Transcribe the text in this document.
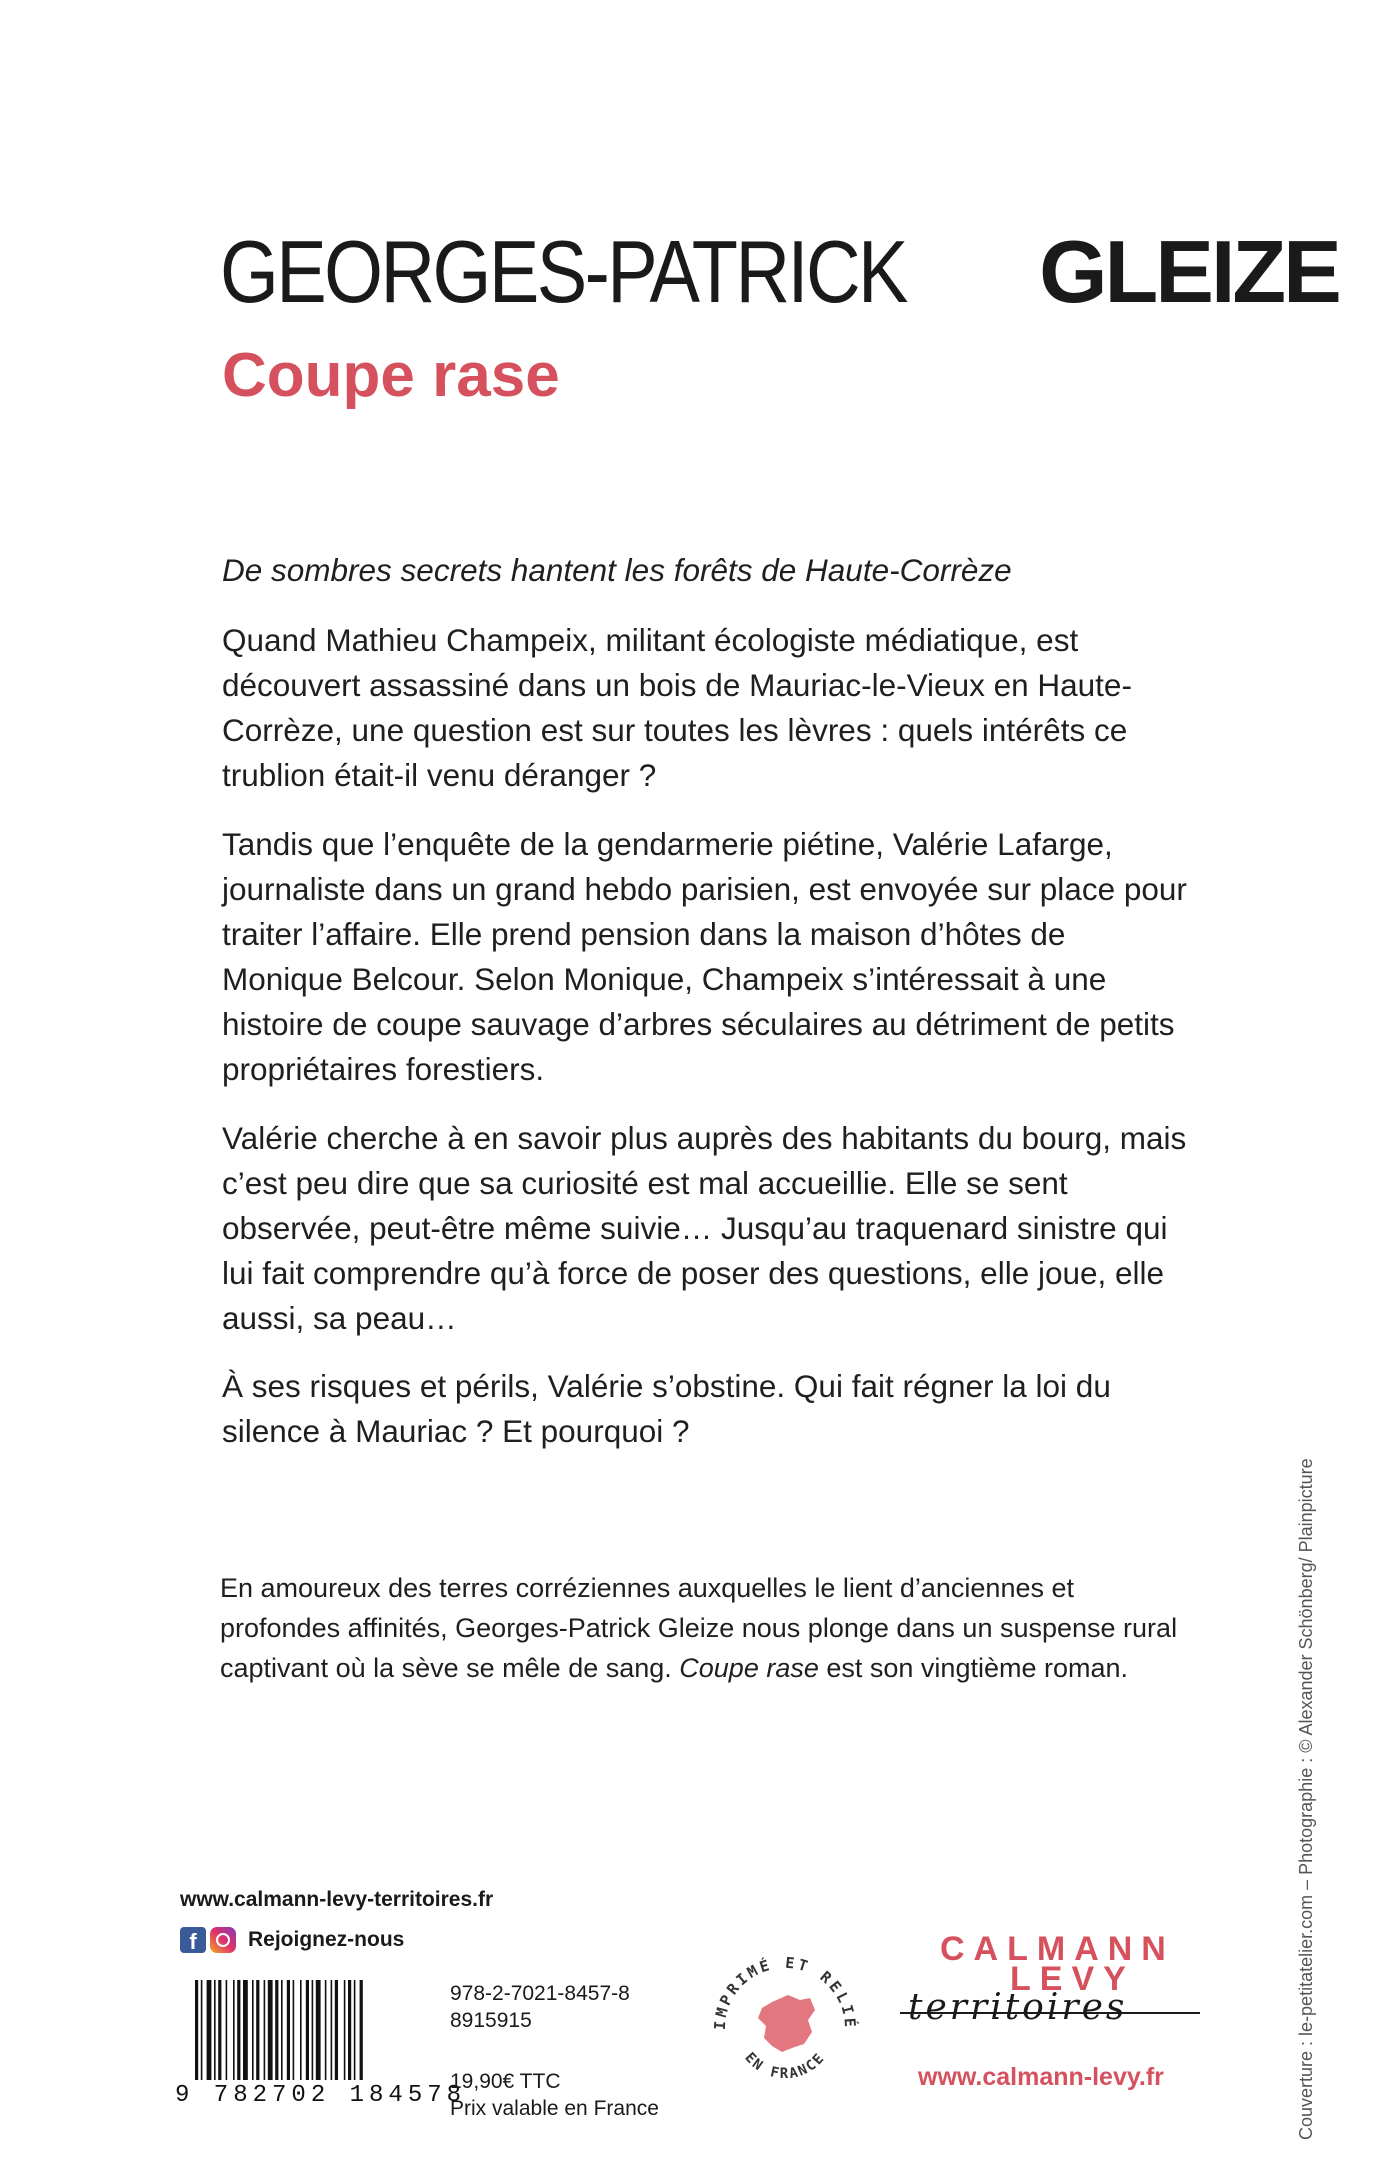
GEORGES-PATRICK GLEIZE
Coupe rase
De sombres secrets hantent les forêts de Haute-Corrèze
Quand Mathieu Champeix, militant écologiste médiatique, est découvert assassiné dans un bois de Mauriac-le-Vieux en Haute-Corrèze, une question est sur toutes les lèvres : quels intérêts ce trublion était-il venu déranger ?
Tandis que l’enquête de la gendarmerie piétine, Valérie Lafarge, journaliste dans un grand hebdo parisien, est envoyée sur place pour traiter l’affaire. Elle prend pension dans la maison d’hôtes de Monique Belcour. Selon Monique, Champeix s’intéressait à une histoire de coupe sauvage d’arbres séculaires au détriment de petits propriétaires forestiers.
Valérie cherche à en savoir plus auprès des habitants du bourg, mais c’est peu dire que sa curiosité est mal accueillie. Elle se sent observée, peut-être même suivie… Jusqu’au traquenard sinistre qui lui fait comprendre qu’à force de poser des questions, elle joue, elle aussi, sa peau…
À ses risques et périls, Valérie s’obstine. Qui fait régner la loi du silence à Mauriac ? Et pourquoi ?
En amoureux des terres corréziennes auxquelles le lient d’anciennes et profondes affinités, Georges-Patrick Gleize nous plonge dans un suspense rural captivant où la sève se mêle de sang. Coupe rase est son vingtième roman.	Couverture : le-petitatelier.com – Photographie : © Alexander Schönberg/ Plainpicture
www.calmann-levy-territoires.fr
f	Rejoignez-nous
9 782702 184578
978-2-7021-8457-8
8915915
19,90€ TTC
Prix valable en France
IMPRIMÉ ET RELIÉ
EN FRANCE
CALMANN
LEVY
territoires
www.calmann-levy.fr
